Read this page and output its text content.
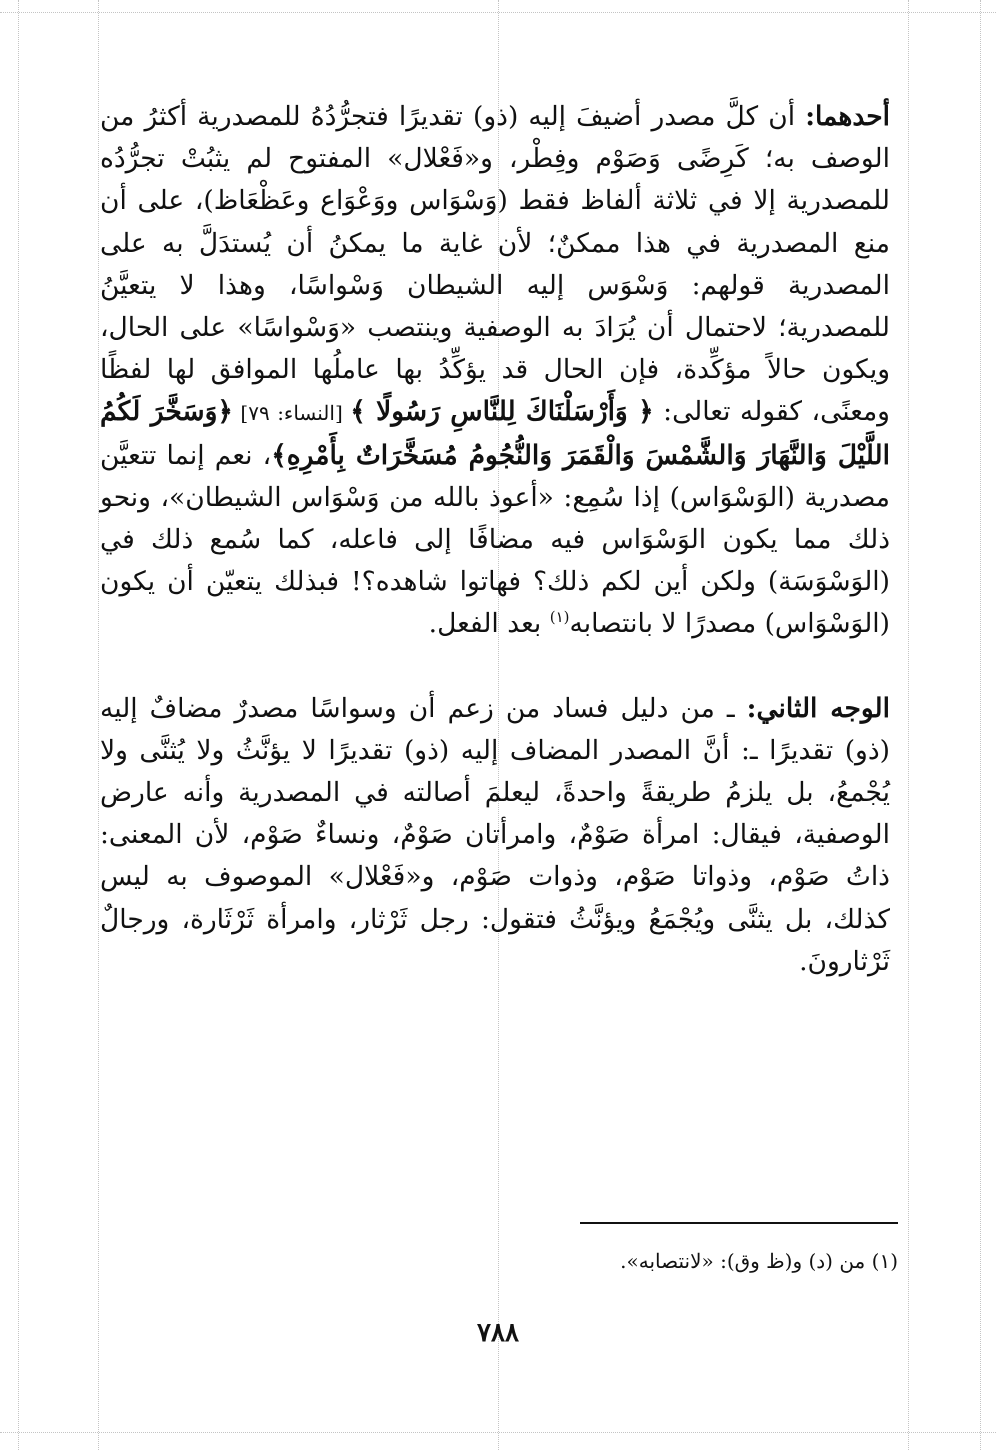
أحدهما: أن كلَّ مصدر أضيفَ إليه (ذو) تقديرًا فتجرُّدُهُ للمصدرية أكثرُ من الوصف به؛ كَرِضًى وَصَوْم وفِطْر، و«فَعْلال» المفتوح لم يثبُتْ تجرُّدُه للمصدرية إلا في ثلاثة ألفاظ فقط (وَسْوَاس ووَعْوَاع وعَظْعَاظ)، على أن منع المصدرية في هذا ممكنٌ؛ لأن غاية ما يمكنُ أن يُستدَلَّ به على المصدرية قولهم: وَسْوَس إليه الشيطان وَسْواسًا، وهذا لا يتعيَّنُ للمصدرية؛ لاحتمال أن يُرَادَ به الوصفية وينتصب «وَسْواسًا» على الحال، ويكون حالاً مؤكِّدة، فإن الحال قد يؤكِّدُ بها عاملُها الموافق لها لفظًا ومعنًى، كقوله تعالى: ﴿ وَأَرْسَلْنَاكَ لِلنَّاسِ رَسُولًا ﴾ [النساء: ٧٩] ﴿وَسَخَّرَ لَكُمُ اللَّيْلَ وَالنَّهَارَ وَالشَّمْسَ وَالْقَمَرَ وَالنُّجُومُ مُسَخَّرَاتٌ بِأَمْرِهِ﴾، نعم إنما تتعيَّن مصدرية (الوَسْوَاس) إذا سُمِع: «أعوذ بالله من وَسْوَاس الشيطان»، ونحو ذلك مما يكون الوَسْوَاس فيه مضافًا إلى فاعله، كما سُمع ذلك في (الوَسْوَسَة) ولكن أين لكم ذلك؟ فهاتوا شاهده؟! فبذلك يتعيّن أن يكون (الوَسْوَاس) مصدرًا لا بانتصابه$^{(١)}$ بعد الفعل.

الوجه الثاني: ـ من دليل فساد من زعم أن وسواسًا مصدرٌ مضافٌ إليه (ذو) تقديرًا ـ: أنَّ المصدر المضاف إليه (ذو) تقديرًا لا يؤنَّثُ ولا يُثنَّى ولا يُجْمعُ، بل يلزمُ طريقةً واحدةً، ليعلمَ أصالته في المصدرية وأنه عارض الوصفية، فيقال: امرأة صَوْمٌ، وامرأتان صَوْمٌ، ونساءٌ صَوْم، لأن المعنى: ذاتُ صَوْم، وذواتا صَوْم، وذوات صَوْم، و«فَعْلال» الموصوف به ليس كذلك، بل يثنَّى ويُجْمَعُ ويؤنَّثُ فتقول: رجل ثَرْثار، وامرأة ثَرْثَارة، ورجالٌ ثَرْثارونَ.

(١) من (د) و(ظ وق): «لانتصابه».
٧٨٨
